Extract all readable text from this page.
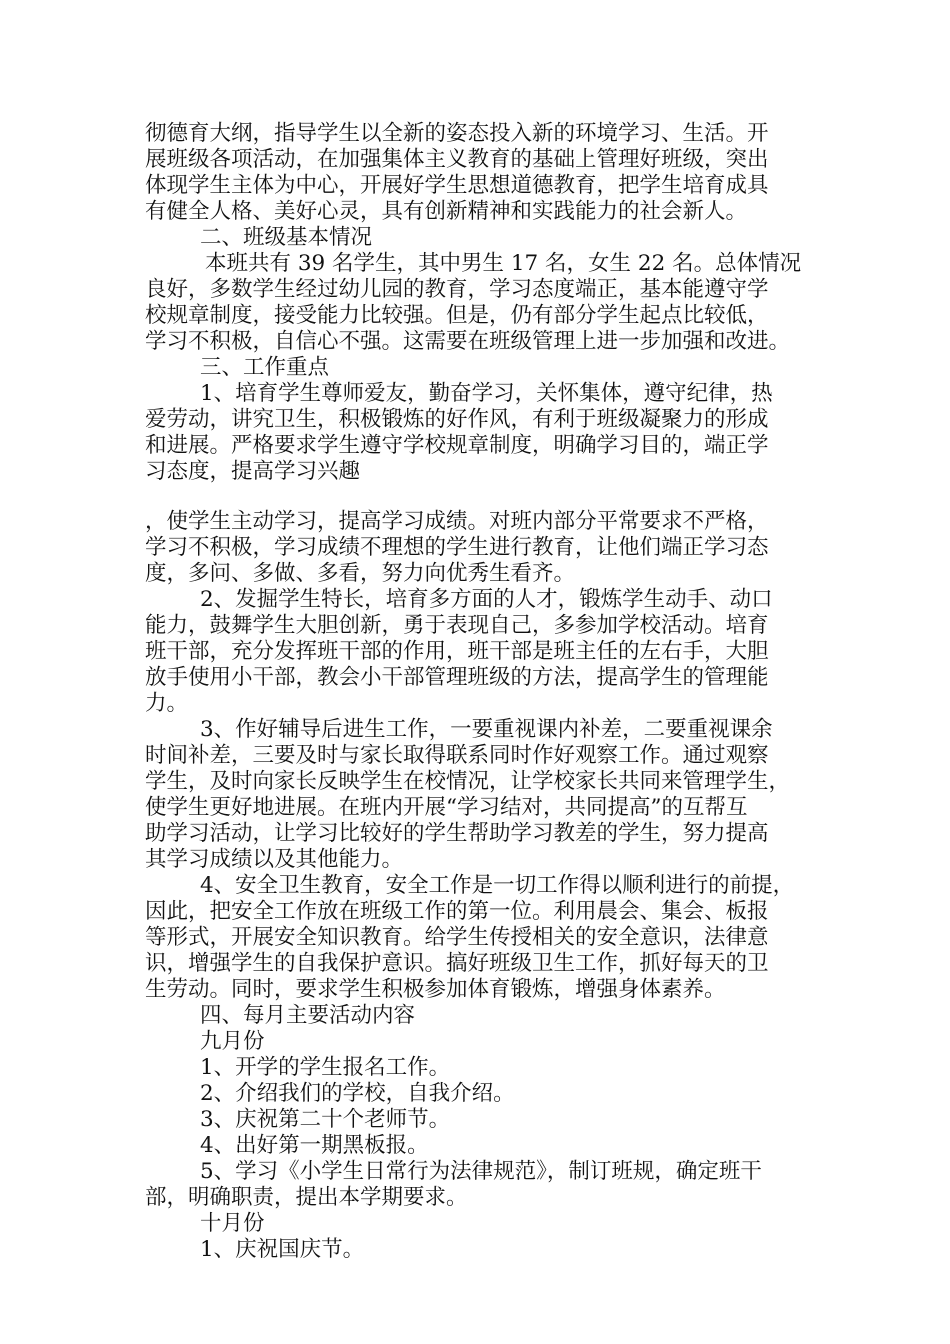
彻德育大纲，指导学生以全新的姿态投入新的环境学习、生活。开
展班级各项活动，在加强集体主义教育的基础上管理好班级，突出
体现学生主体为中心，开展好学生思想道德教育，把学生培育成具
有健全人格、美好心灵，具有创新精神和实践能力的社会新人。
二、班级基本情况
本班共有 39 名学生，其中男生 17 名，女生 22 名。总体情况
良好，多数学生经过幼儿园的教育，学习态度端正，基本能遵守学
校规章制度，接受能力比较强。但是，仍有部分学生起点比较低，
学习不积极，自信心不强。这需要在班级管理上进一步加强和改进。
三、工作重点
1、培育学生尊师爱友，勤奋学习，关怀集体，遵守纪律，热
爱劳动，讲究卫生，积极锻炼的好作风，有利于班级凝聚力的形成
和进展。严格要求学生遵守学校规章制度，明确学习目的，端正学
习态度，提高学习兴趣
，使学生主动学习，提高学习成绩。对班内部分平常要求不严格，
学习不积极，学习成绩不理想的学生进行教育，让他们端正学习态
度，多问、多做、多看，努力向优秀生看齐。
2、发掘学生特长，培育多方面的人才，锻炼学生动手、动口
能力，鼓舞学生大胆创新，勇于表现自己，多参加学校活动。培育
班干部，充分发挥班干部的作用，班干部是班主任的左右手，大胆
放手使用小干部，教会小干部管理班级的方法，提高学生的管理能
力。
3、作好辅导后进生工作，一要重视课内补差，二要重视课余
时间补差，三要及时与家长取得联系同时作好观察工作。通过观察
学生，及时向家长反映学生在校情况，让学校家长共同来管理学生，
使学生更好地进展。在班内开展“学习结对，共同提高”的互帮互
助学习活动，让学习比较好的学生帮助学习教差的学生，努力提高
其学习成绩以及其他能力。
4、安全卫生教育，安全工作是一切工作得以顺利进行的前提，
因此，把安全工作放在班级工作的第一位。利用晨会、集会、板报
等形式，开展安全知识教育。给学生传授相关的安全意识，法律意
识，增强学生的自我保护意识。搞好班级卫生工作，抓好每天的卫
生劳动。同时，要求学生积极参加体育锻炼，增强身体素养。
四、每月主要活动内容
九月份
1、开学的学生报名工作。
2、介绍我们的学校，自我介绍。
3、庆祝第二十个老师节。
4、出好第一期黑板报。
5、学习《小学生日常行为法律规范》，制订班规，确定班干
部，明确职责，提出本学期要求。
十月份
1、庆祝国庆节。
